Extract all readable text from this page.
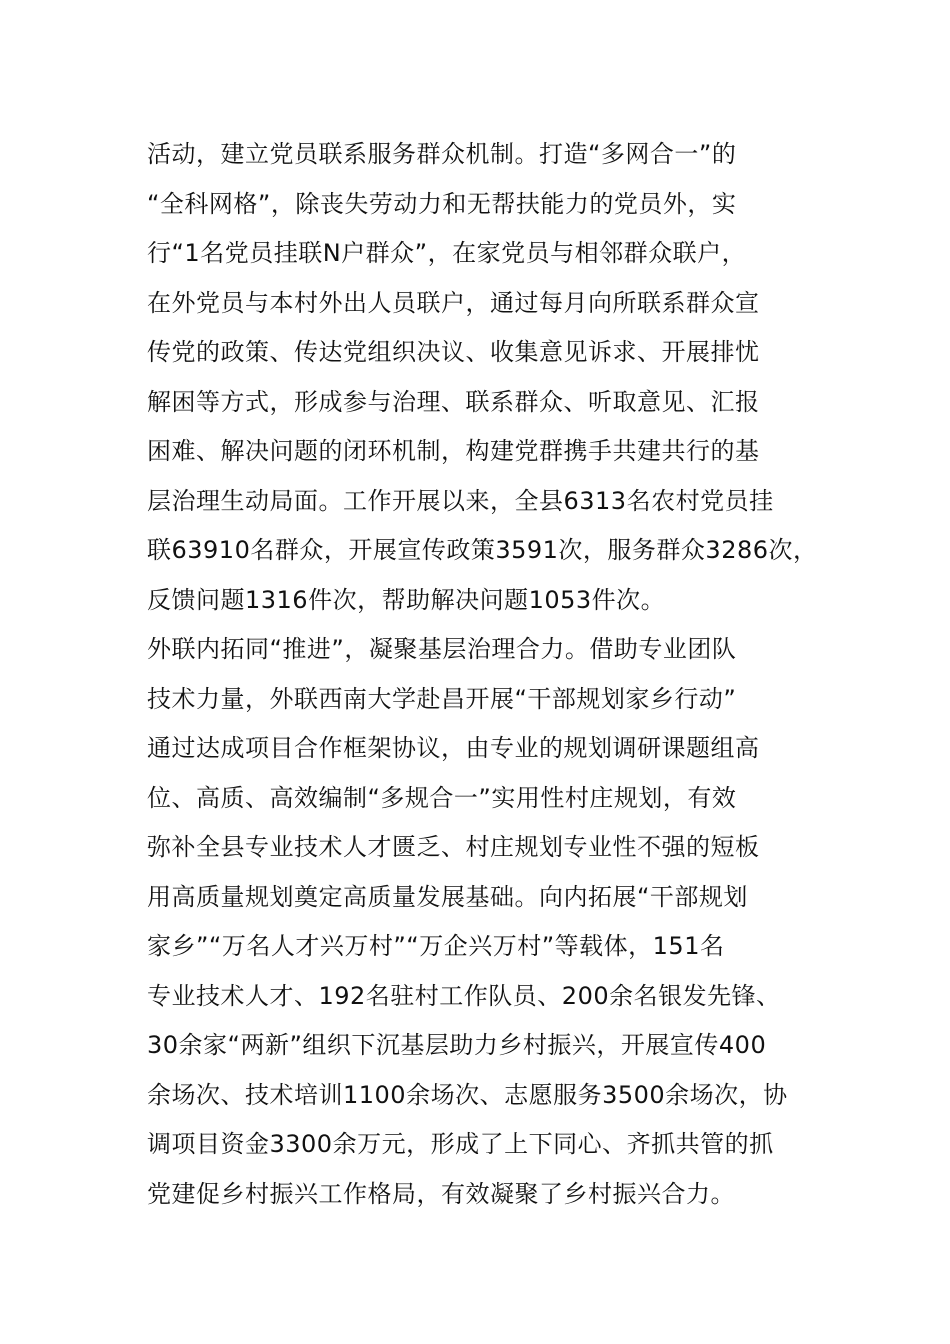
活动，建立党员联系服务群众机制。打造“多网合一”的
“全科网格”，除丧失劳动力和无帮扶能力的党员外，实
行“1名党员挂联N户群众”，在家党员与相邻群众联户，
在外党员与本村外出人员联户，通过每月向所联系群众宣
传党的政策、传达党组织决议、收集意见诉求、开展排忧
解困等方式，形成参与治理、联系群众、听取意见、汇报
困难、解决问题的闭环机制，构建党群携手共建共行的基
层治理生动局面。工作开展以来，全县6313名农村党员挂
联63910名群众，开展宣传政策3591次，服务群众3286次，
反馈问题1316件次，帮助解决问题1053件次。
外联内拓同“推进”，凝聚基层治理合力。借助专业团队
技术力量，外联西南大学赴昌开展“干部规划家乡行动”
通过达成项目合作框架协议，由专业的规划调研课题组高
位、高质、高效编制“多规合一”实用性村庄规划，有效
弥补全县专业技术人才匮乏、村庄规划专业性不强的短板
用高质量规划奠定高质量发展基础。向内拓展“干部规划
家乡”“万名人才兴万村”“万企兴万村”等载体，151名
专业技术人才、192名驻村工作队员、200余名银发先锋、
30余家“两新”组织下沉基层助力乡村振兴，开展宣传400
余场次、技术培训1100余场次、志愿服务3500余场次，协
调项目资金3300余万元，形成了上下同心、齐抓共管的抓
党建促乡村振兴工作格局，有效凝聚了乡村振兴合力。
